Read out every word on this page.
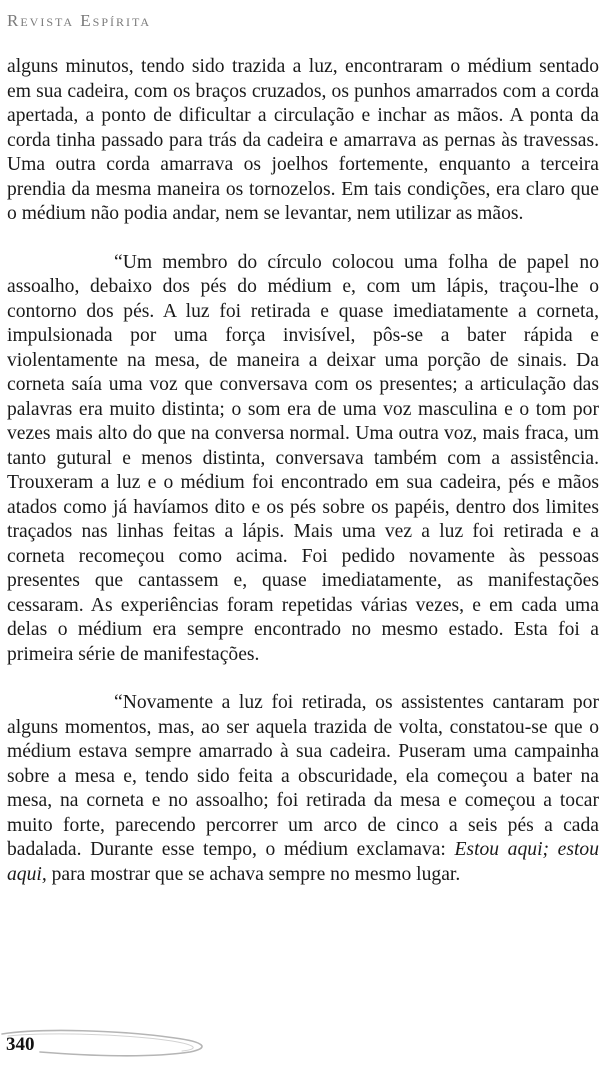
Revista Espírita

alguns minutos, tendo sido trazida a luz, encontraram o médium sentado em sua cadeira, com os braços cruzados, os punhos amarrados com a corda apertada, a ponto de dificultar a circulação e inchar as mãos. A ponta da corda tinha passado para trás da cadeira e amarrava as pernas às travessas. Uma outra corda amarrava os joelhos fortemente, enquanto a terceira prendia da mesma maneira os tornozelos. Em tais condições, era claro que o médium não podia andar, nem se levantar, nem utilizar as mãos.

“Um membro do círculo colocou uma folha de papel no assoalho, debaixo dos pés do médium e, com um lápis, traçou-lhe o contorno dos pés. A luz foi retirada e quase imediatamente a corneta, impulsionada por uma força invisível, pôs-se a bater rápida e violentamente na mesa, de maneira a deixar uma porção de sinais. Da corneta saía uma voz que conversava com os presentes; a articulação das palavras era muito distinta; o som era de uma voz masculina e o tom por vezes mais alto do que na conversa normal. Uma outra voz, mais fraca, um tanto gutural e menos distinta, conversava também com a assistência. Trouxeram a luz e o médium foi encontrado em sua cadeira, pés e mãos atados como já havíamos dito e os pés sobre os papéis, dentro dos limites traçados nas linhas feitas a lápis. Mais uma vez a luz foi retirada e a corneta recomeçou como acima. Foi pedido novamente às pessoas presentes que cantassem e, quase imediatamente, as manifestações cessaram. As experiências foram repetidas várias vezes, e em cada uma delas o médium era sempre encontrado no mesmo estado. Esta foi a primeira série de manifestações.

“Novamente a luz foi retirada, os assistentes cantaram por alguns momentos, mas, ao ser aquela trazida de volta, constatou-se que o médium estava sempre amarrado à sua cadeira. Puseram uma campainha sobre a mesa e, tendo sido feita a obscuridade, ela começou a bater na mesa, na corneta e no assoalho; foi retirada da mesa e começou a tocar muito forte, parecendo percorrer um arco de cinco a seis pés a cada badalada. Durante esse tempo, o médium exclamava: Estou aqui; estou aqui, para mostrar que se achava sempre no mesmo lugar.

340
